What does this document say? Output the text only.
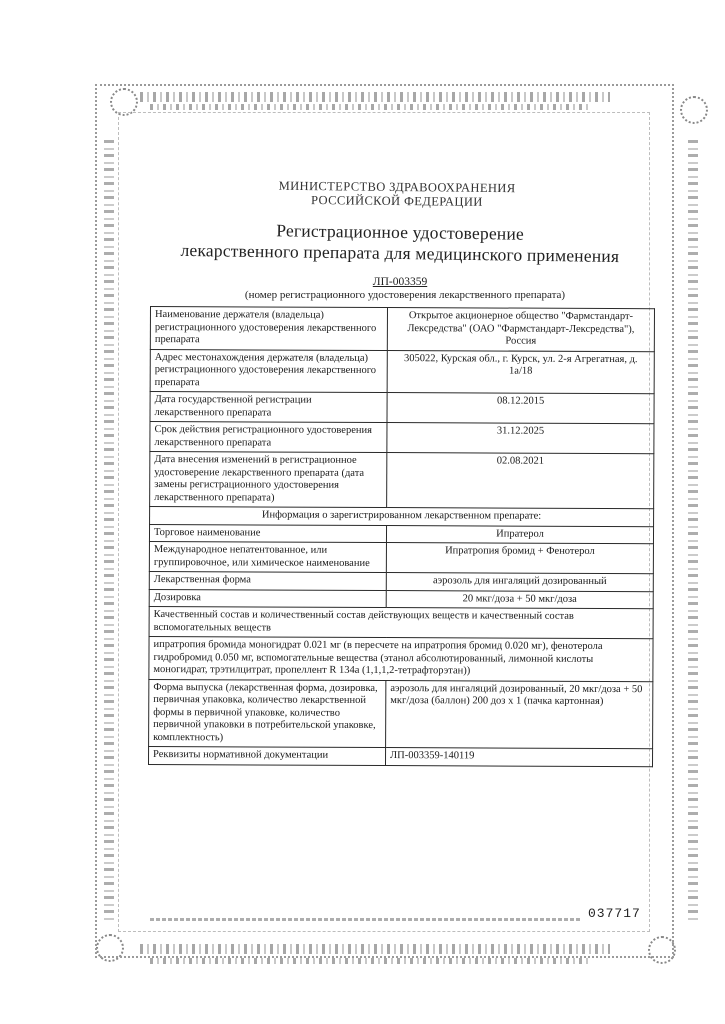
МИНИСТЕРСТВО ЗДРАВООХРАНЕНИЯ
РОССИЙСКОЙ ФЕДЕРАЦИИ
Регистрационное удостоверение
лекарственного препарата для медицинского применения
ЛП-003359
(номер регистрационного удостоверения лекарственного препарата)
Наименование держателя (владельца) регистрационного удостоверения лекарственного препарата	Открытое акционерное общество "Фармстандарт-Лексредства" (ОАО "Фармстандарт-Лексредства"), Россия
Адрес местонахождения держателя (владельца) регистрационного удостоверения лекарственного препарата	305022, Курская обл., г. Курск, ул. 2-я Агрегатная, д. 1а/18
Дата государственной регистрации лекарственного препарата	08.12.2015
Срок действия регистрационного удостоверения лекарственного препарата	31.12.2025
Дата внесения изменений в регистрационное удостоверение лекарственного препарата (дата замены регистрационного удостоверения лекарственного препарата)	02.08.2021
Информация о зарегистрированном лекарственном препарате:	
Торговое наименование	Ипратерол
Международное непатентованное, или группировочное, или химическое наименование	Ипратропия бромид + Фенотерол
Лекарственная форма	аэрозоль для ингаляций дозированный
Дозировка	20 мкг/доза + 50 мкг/доза
Качественный состав и количественный состав действующих веществ и качественный состав вспомогательных веществ	
ипратропия бромида моногидрат 0.021 мг (в пересчете на ипратропия бромид 0.020 мг), фенотерола гидробромид 0.050 мг, вспомогательные вещества (этанол абсолютированный, лимонной кислоты моногидрат, трэтилцитрат, пропеллент R 134a (1,1,1,2-тетрафторэтан))	
Форма выпуска (лекарственная форма, дозировка, первичная упаковка, количество лекарственной формы в первичной упаковке, количество первичной упаковки в потребительской упаковке, комплектность)	аэрозоль для ингаляций дозированный, 20 мкг/доза + 50 мкг/доза (баллон) 200 доз х 1 (пачка картонная)
Реквизиты нормативной документации	ЛП-003359-140119
037717
